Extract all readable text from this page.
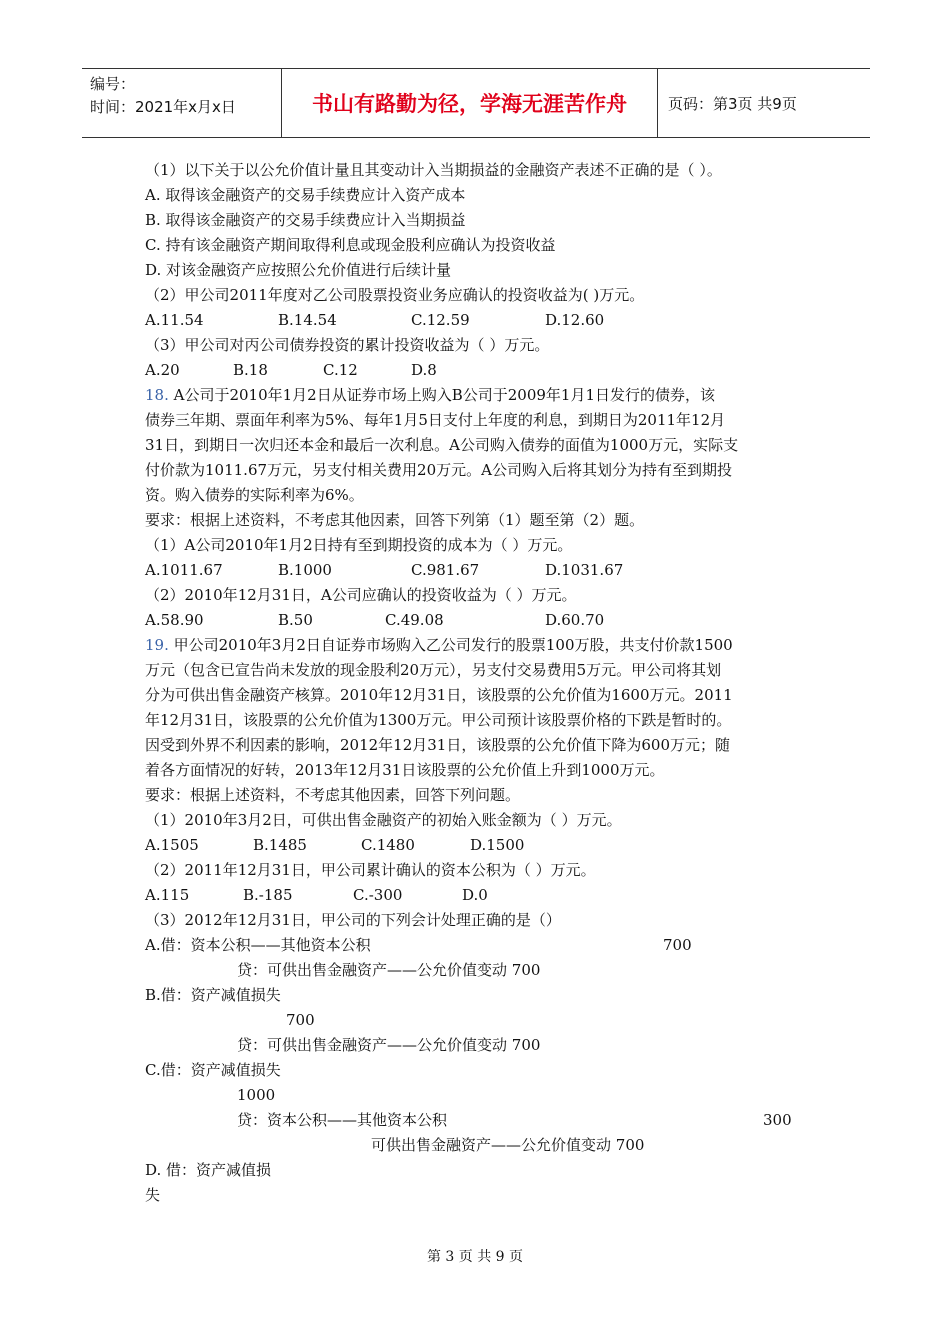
编号：
时间：2021年x月x日	书山有路勤为径，学海无涯苦作舟	页码：第3页 共9页
（1）以下关于以公允价值计量且其变动计入当期损益的金融资产表述不正确的是（ ）。
A. 取得该金融资产的交易手续费应计入资产成本
B. 取得该金融资产的交易手续费应计入当期损益
C. 持有该金融资产期间取得利息或现金股利应确认为投资收益
D. 对该金融资产应按照公允价值进行后续计量
（2）甲公司2011年度对乙公司股票投资业务应确认的投资收益为( )万元。
A.11.54	B.14.54	C.12.59	D.12.60
（3）甲公司对丙公司债券投资的累计投资收益为（ ）万元。
A.20	B.18	C.12	D.8
18. A公司于2010年1月2日从证券市场上购入B公司于2009年1月1日发行的债券，该
债券三年期、票面年利率为5%、每年1月5日支付上年度的利息，到期日为2011年12月
31日，到期日一次归还本金和最后一次利息。A公司购入债券的面值为1000万元，实际支
付价款为1011.67万元，另支付相关费用20万元。A公司购入后将其划分为持有至到期投
资。购入债券的实际利率为6%。
要求：根据上述资料，不考虑其他因素，回答下列第（1）题至第（2）题。
（1）A公司2010年1月2日持有至到期投资的成本为（ ）万元。
A.1011.67	B.1000	C.981.67	D.1031.67
（2）2010年12月31日，A公司应确认的投资收益为（ ）万元。
A.58.90	B.50	C.49.08	D.60.70
19. 甲公司2010年3月2日自证券市场购入乙公司发行的股票100万股，共支付价款1500
万元（包含已宣告尚未发放的现金股利20万元），另支付交易费用5万元。甲公司将其划
分为可供出售金融资产核算。2010年12月31日，该股票的公允价值为1600万元。2011
年12月31日，该股票的公允价值为1300万元。甲公司预计该股票价格的下跌是暂时的。
因受到外界不利因素的影响，2012年12月31日，该股票的公允价值下降为600万元；随
着各方面情况的好转，2013年12月31日该股票的公允价值上升到1000万元。
要求：根据上述资料，不考虑其他因素，回答下列问题。
（1）2010年3月2日，可供出售金融资产的初始入账金额为（ ）万元。
A.1505	B.1485	C.1480	D.1500
（2）2011年12月31日，甲公司累计确认的资本公积为（ ）万元。
A.115	B.-185	C.-300	D.0
（3）2012年12月31日，甲公司的下列会计处理正确的是（）
A.借：资本公积——其他资本公积	700
贷：可供出售金融资产——公允价值变动 700
B.借：资产减值损失
700
贷：可供出售金融资产——公允价值变动 700
C.借：资产减值损失
1000
贷：资本公积——其他资本公积	300
可供出售金融资产——公允价值变动 700
D. 借：资产减值损
失
第 3 页 共 9 页
